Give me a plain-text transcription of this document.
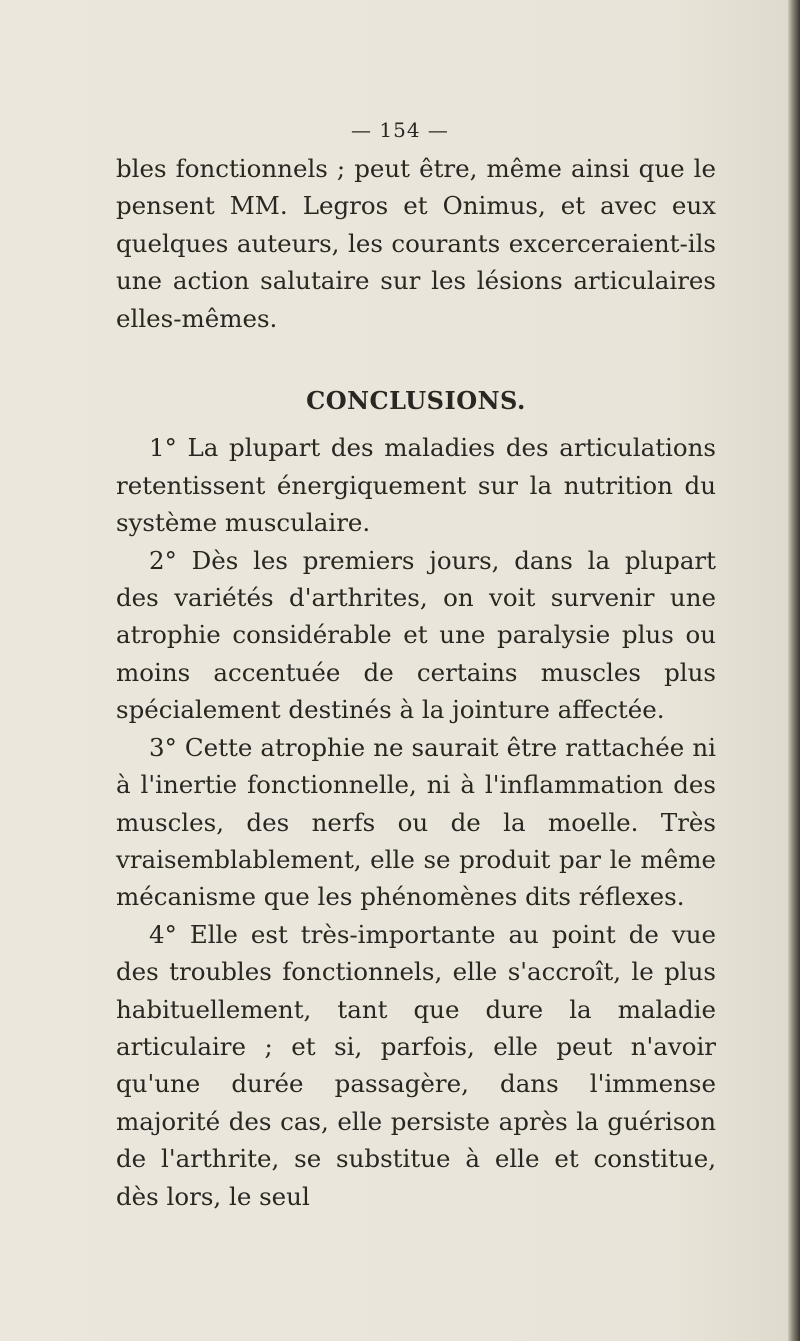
— 154 —

bles fonctionnels ; peut être, même ainsi que le pensent MM. Legros et Onimus, et avec eux quelques auteurs, les courants excerceraient-ils une action salutaire sur les lésions articulaires elles-mêmes.

CONCLUSIONS.

1° La plupart des maladies des articulations retentissent énergiquement sur la nutrition du système musculaire.

2° Dès les premiers jours, dans la plupart des variétés d'arthrites, on voit survenir une atrophie considérable et une paralysie plus ou moins accentuée de certains muscles plus spécialement destinés à la jointure affectée.

3° Cette atrophie ne saurait être rattachée ni à l'inertie fonctionnelle, ni à l'inflammation des muscles, des nerfs ou de la moelle. Très vraisemblablement, elle se produit par le même mécanisme que les phénomènes dits réflexes.

4° Elle est très-importante au point de vue des troubles fonctionnels, elle s'accroît, le plus habituellement, tant que dure la maladie articulaire ; et si, parfois, elle peut n'avoir qu'une durée passagère, dans l'immense majorité des cas, elle persiste après la guérison de l'arthrite, se substitue à elle et constitue, dès lors, le seul
